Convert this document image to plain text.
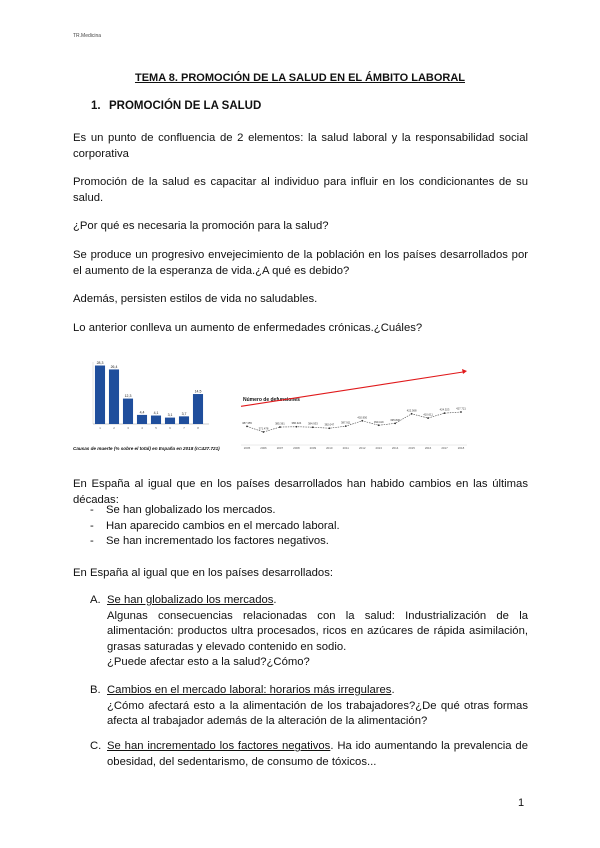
TR.Medicina
TEMA 8. PROMOCIÓN DE LA SALUD EN EL ÁMBITO LABORAL
1. PROMOCIÓN DE LA SALUD
Es un punto de confluencia de 2 elementos: la salud laboral y la responsabilidad social corporativa
Promoción de la salud es capacitar al individuo para influir en los condicionantes de su salud.
¿Por qué es necesaria la promoción para la salud?
Se produce un progresivo envejecimiento de la población en los países desarrollados por el aumento de la esperanza de vida.¿A qué es debido?
Además, persisten estilos de vida no saludables.
Lo anterior conlleva un aumento de enfermedades crónicas.¿Cuáles?
28,3
1
26,4
2
12,3
3
4,4
4
4,1
5
3,1
6
3,7
7
14,5
8
Causas de muerte (% sobre el total) en España en 2018 (n=427.721)
Número de defunciones
387.355
371.478
385.361 386.324 384.933 382.047
387.911
402.950
390.419
395.830
422.568
410.611
424.523 427.721
2005	2006	2007	2008	2009	2010	2011	2012	2013	2014	2015	2016	2017	2018
En España al igual que en los países desarrollados han habido cambios en las últimas décadas:
- Se han globalizado los mercados.
- Han aparecido cambios en el mercado laboral.
- Se han incrementado los factores negativos.
En España al igual que en los países desarrollados:
A. Se han globalizado los mercados.
Algunas consecuencias relacionadas con la salud: Industrialización de la alimentación: productos ultra procesados, ricos en azúcares de rápida asimilación, grasas saturadas y elevado contenido en sodio.
¿Puede afectar esto a la salud?¿Cómo?
B. Cambios en el mercado laboral: horarios más irregulares.
¿Cómo afectará esto a la alimentación de los trabajadores?¿De qué otras formas afecta al trabajador además de la alteración de la alimentación?
C. Se han incrementado los factores negativos. Ha ido aumentando la prevalencia de obesidad, del sedentarismo, de consumo de tóxicos...
1
